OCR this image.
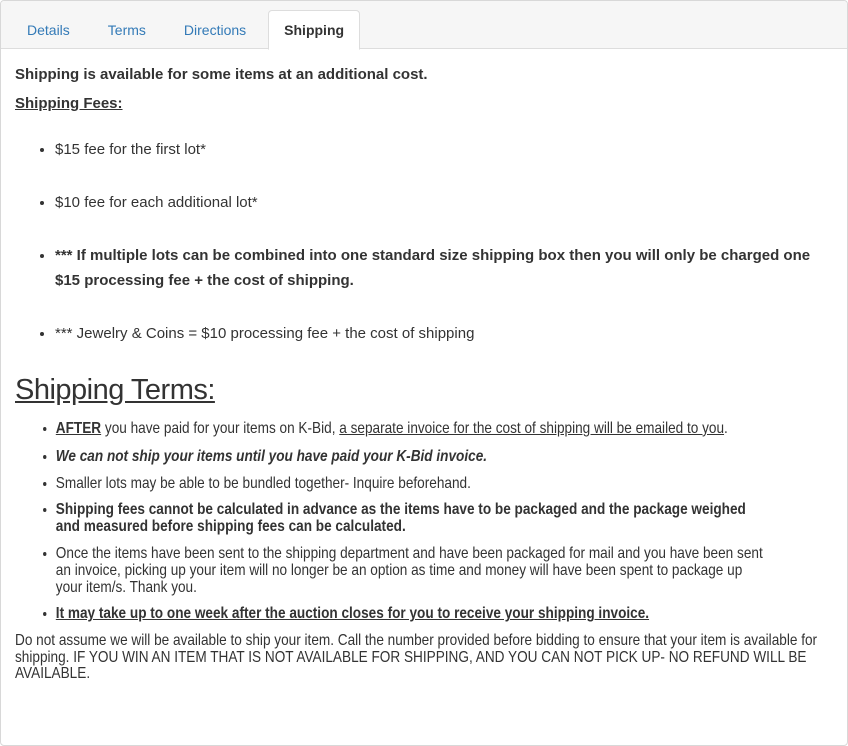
Details	Terms	Directions	Shipping

Shipping is available for some items at an additional cost.

Shipping Fees:

• $15 fee for the first lot*
• $10 fee for each additional lot*
• *** If multiple lots can be combined into one standard size shipping box then you will only be charged one $15 processing fee + the cost of shipping.
• *** Jewelry & Coins = $10 processing fee + the cost of shipping
Shipping Terms:
• AFTER you have paid for your items on K-Bid, a separate invoice for the cost of shipping will be emailed to you.
• We can not ship your items until you have paid your K-Bid invoice.
• Smaller lots may be able to be bundled together- Inquire beforehand.
• Shipping fees cannot be calculated in advance as the items have to be packaged and the package weighed and measured before shipping fees can be calculated.
• Once the items have been sent to the shipping department and have been packaged for mail and you have been sent an invoice, picking up your item will no longer be an option as time and money will have been spent to package up your item/s. Thank you.
• It may take up to one week after the auction closes for you to receive your shipping invoice.

Do not assume we will be available to ship your item. Call the number provided before bidding to ensure that your item is available for shipping. IF YOU WIN AN ITEM THAT IS NOT AVAILABLE FOR SHIPPING, AND YOU CAN NOT PICK UP- NO REFUND WILL BE AVAILABLE.
